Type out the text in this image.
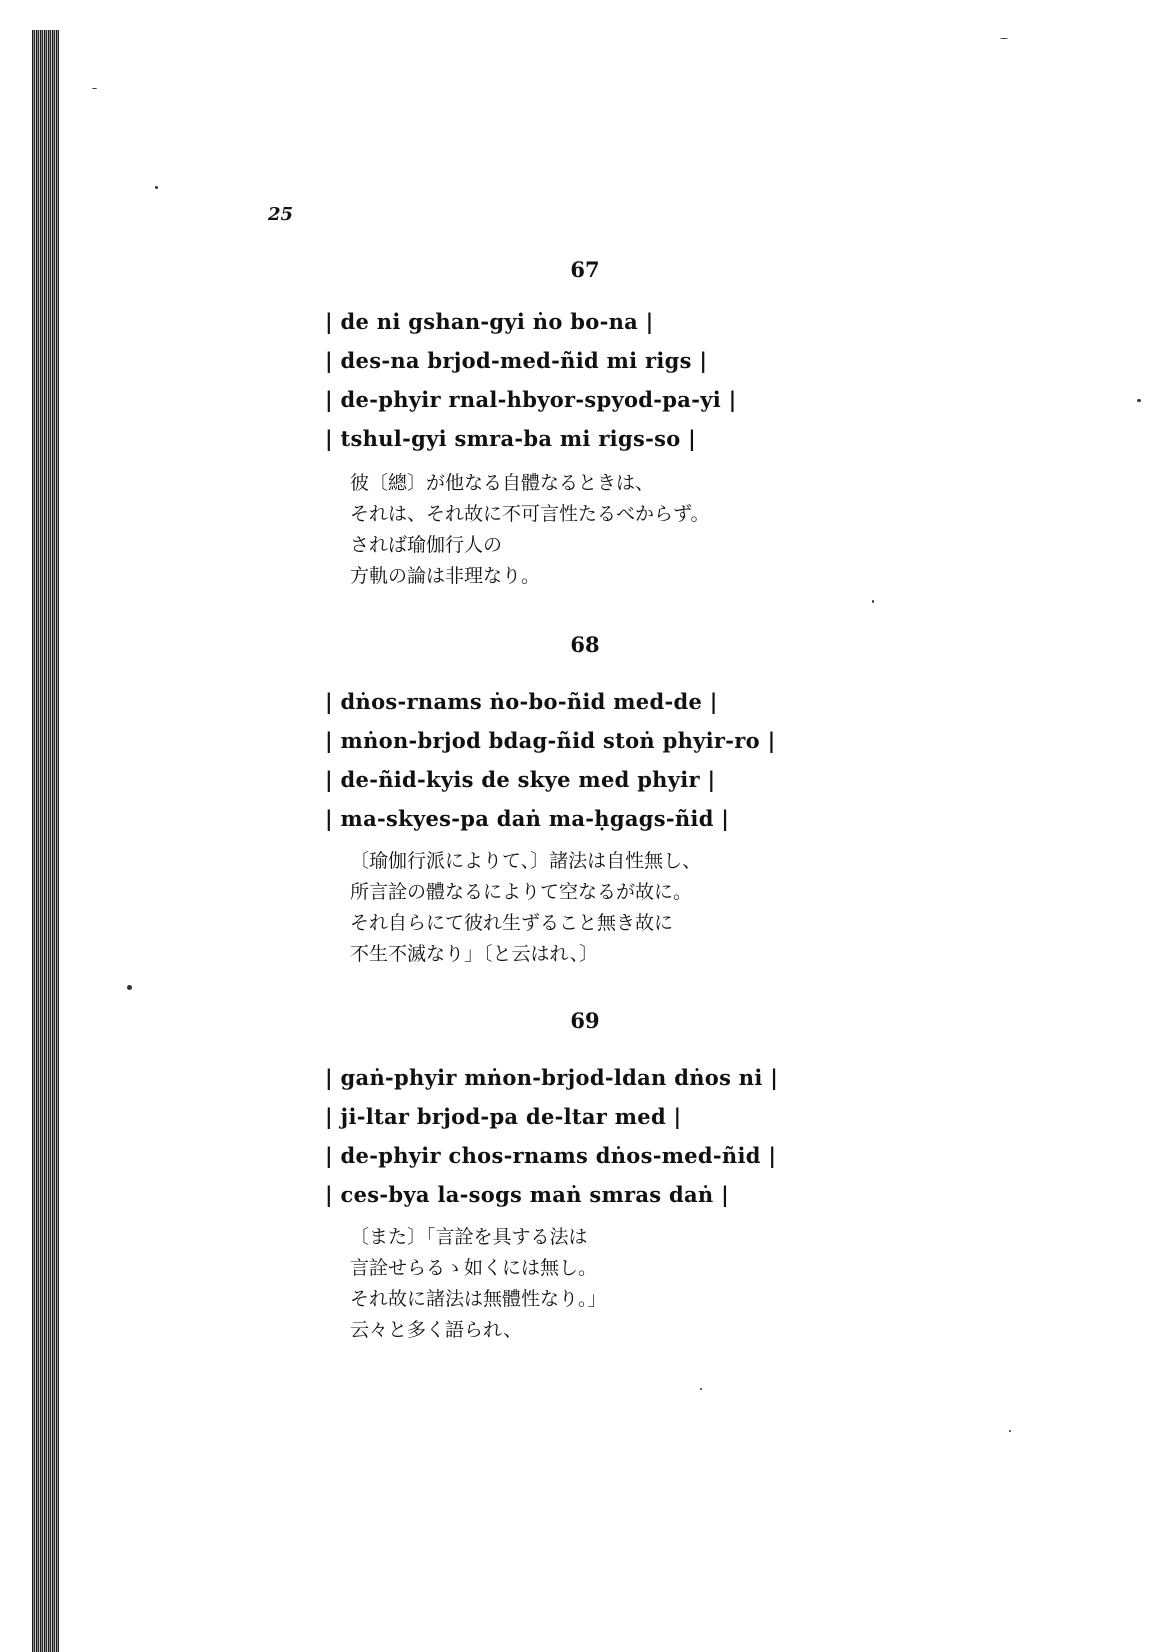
25
67
| de ni gshan-gyi ṅo bo-na |
| des-na brjod-med-ñid mi rigs |
| de-phyir rnal-hbyor-spyod-pa-yi |
| tshul-gyi smra-ba mi rigs-so |
彼〔總〕が他なる自體なるときは、
それは、それ故に不可言性たるべからず。
されば瑜伽行人の
方軌の論は非理なり。
68
| dṅos-rnams ṅo-bo-ñid med-de |
| mṅon-brjod bdag-ñid stoṅ phyir-ro |
| de-ñid-kyis de skye med phyir |
| ma-skyes-pa daṅ ma-ḥgags-ñid |
〔瑜伽行派によりて、〕諸法は自性無し、
所言詮の體なるによりて空なるが故に。
それ自らにて彼れ生ずること無き故に
不生不滅なり」〔と云はれ、〕
69
| gaṅ-phyir mṅon-brjod-ldan dṅos ni |
| ji-ltar brjod-pa de-ltar med |
| de-phyir chos-rnams dṅos-med-ñid |
| ces-bya la-sogs maṅ smras daṅ |
〔また〕「言詮を具する法は
言詮せらるゝ如くには無し。
それ故に諸法は無體性なり。」
云々と多く語られ、
